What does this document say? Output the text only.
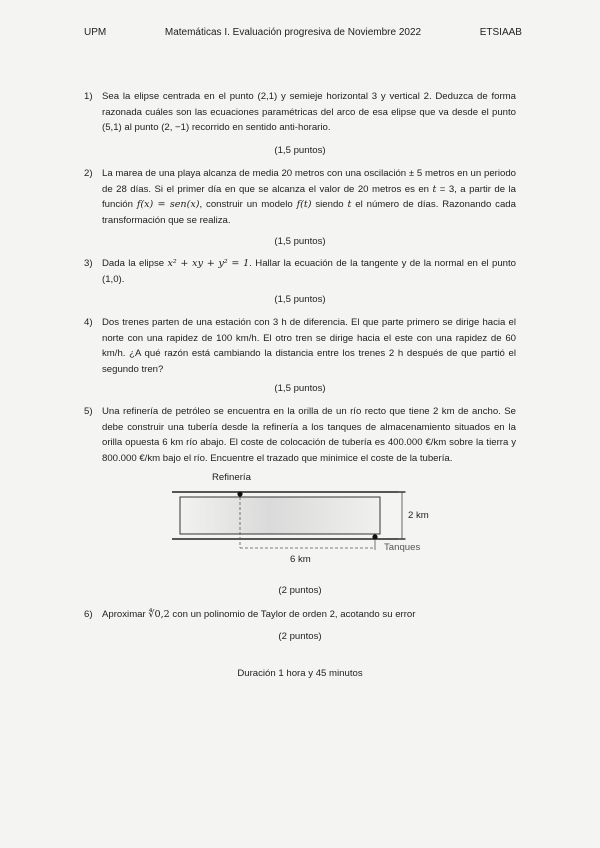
UPM	Matemáticas I. Evaluación progresiva de Noviembre 2022	ETSIAAB
1) Sea la elipse centrada en el punto (2,1) y semieje horizontal 3 y vertical 2. Deduzca de forma razonada cuáles son las ecuaciones paramétricas del arco de esa elipse que va desde el punto (5,1) al punto (2, −1) recorrido en sentido anti-horario.
(1,5 puntos)
2) La marea de una playa alcanza de media 20 metros con una oscilación ± 5 metros en un periodo de 28 días. Si el primer día en que se alcanza el valor de 20 metros es en t = 3, a partir de la función f(x) = sen(x), construir un modelo f(t) siendo t el número de días. Razonando cada transformación que se realiza.
(1,5 puntos)
3) Dada la elipse x² + xy + y² = 1. Hallar la ecuación de la tangente y de la normal en el punto (1,0).
(1,5 puntos)
4) Dos trenes parten de una estación con 3 h de diferencia. El que parte primero se dirige hacia el norte con una rapidez de 100 km/h. El otro tren se dirige hacia el este con una rapidez de 60 km/h. ¿A qué razón está cambiando la distancia entre los trenes 2 h después de que partió el segundo tren?
(1,5 puntos)
5) Una refinería de petróleo se encuentra en la orilla de un río recto que tiene 2 km de ancho. Se debe construir una tubería desde la refinería a los tanques de almacenamiento situados en la orilla opuesta 6 km río abajo. El coste de colocación de tubería es 400.000 €/km sobre la tierra y 800.000 €/km bajo el río. Encuentre el trazado que minimice el coste de la tubería.
Refinería
2 km
Tanques
6 km
(2 puntos)
6) Aproximar ∜0,2 con un polinomio de Taylor de orden 2, acotando su error
(2 puntos)
Duración 1 hora y 45 minutos
